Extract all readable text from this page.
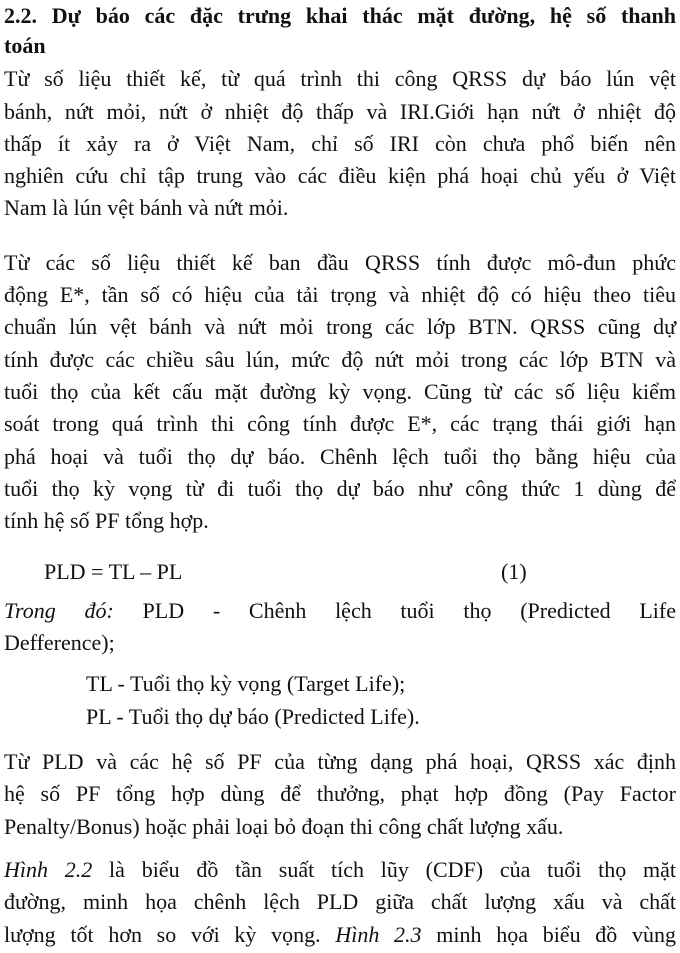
2.2. Dự báo các đặc trưng khai thác mặt đường, hệ số thanh
toán
Từ số liệu thiết kế, từ quá trình thi công QRSS dự báo lún vệt
bánh, nứt mỏi, nứt ở nhiệt độ thấp và IRI.Giới hạn nứt ở nhiệt độ
thấp ít xảy ra ở Việt Nam, chỉ số IRI còn chưa phổ biến nên
nghiên cứu chỉ tập trung vào các điều kiện phá hoại chủ yếu ở Việt
Nam là lún vệt bánh và nứt mỏi.
Từ các số liệu thiết kế ban đầu QRSS tính được mô-đun phức
động E*, tần số có hiệu của tải trọng và nhiệt độ có hiệu theo tiêu
chuẩn lún vệt bánh và nứt mỏi trong các lớp BTN. QRSS cũng dự
tính được các chiều sâu lún, mức độ nứt mỏi trong các lớp BTN và
tuổi thọ của kết cấu mặt đường kỳ vọng. Cũng từ các số liệu kiểm
soát trong quá trình thi công tính được E*, các trạng thái giới hạn
phá hoại và tuổi thọ dự báo. Chênh lệch tuổi thọ bằng hiệu của
tuổi thọ kỳ vọng từ đi tuổi thọ dự báo như công thức 1 dùng để
tính hệ số PF tổng hợp.
Trong đó: PLD - Chênh lệch tuổi thọ (Predicted Life
Defference);
TL - Tuổi thọ kỳ vọng (Target Life);
PL - Tuổi thọ dự báo (Predicted Life).
Từ PLD và các hệ số PF của từng dạng phá hoại, QRSS xác định
hệ số PF tổng hợp dùng để thưởng, phạt hợp đồng (Pay Factor
Penalty/Bonus) hoặc phải loại bỏ đoạn thi công chất lượng xấu.
Hình 2.2 là biểu đồ tần suất tích lũy (CDF) của tuổi thọ mặt
đường, minh họa chênh lệch PLD giữa chất lượng xấu và chất
lượng tốt hơn so với kỳ vọng. Hình 2.3 minh họa biểu đồ vùng
PLD = TL – PL	(1)
